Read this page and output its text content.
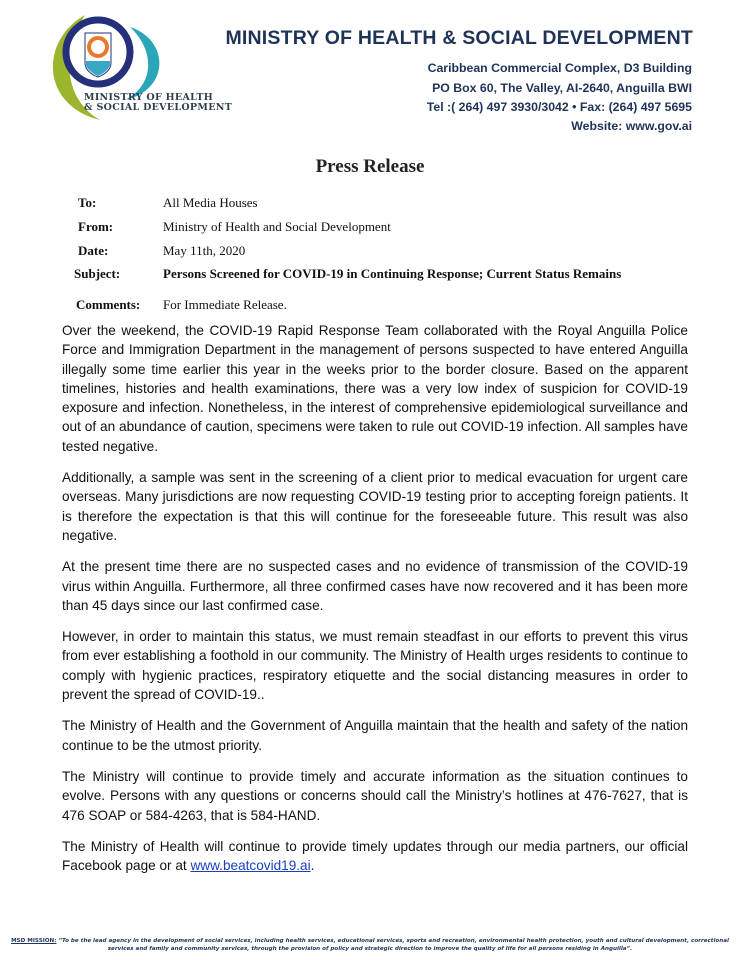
MINISTRY OF HEALTH
& SOCIAL DEVELOPMENT
MINISTRY OF HEALTH & SOCIAL DEVELOPMENT
Caribbean Commercial Complex, D3 Building
PO Box 60, The Valley, AI-2640, Anguilla BWI
Tel :( 264) 497 3930/3042 • Fax: (264) 497 5695
Website: www.gov.ai
Press Release
To:	All Media Houses
From:	Ministry of Health and Social Development
Date:	May 11th, 2020
Subject:	Persons Screened for COVID-19 in Continuing Response; Current Status Remains
Comments: For Immediate Release.

Over the weekend, the COVID-19 Rapid Response Team collaborated with the Royal Anguilla Police Force and Immigration Department in the management of persons suspected to have entered Anguilla illegally some time earlier this year in the weeks prior to the border closure. Based on the apparent timelines, histories and health examinations, there was a very low index of suspicion for COVID-19 exposure and infection. Nonetheless, in the interest of comprehensive epidemiological surveillance and out of an abundance of caution, specimens were taken to rule out COVID-19 infection. All samples have tested negative.

Additionally, a sample was sent in the screening of a client prior to medical evacuation for urgent care overseas. Many jurisdictions are now requesting COVID-19 testing prior to accepting foreign patients. It is therefore the expectation is that this will continue for the foreseeable future. This result was also negative.

At the present time there are no suspected cases and no evidence of transmission of the COVID-19 virus within Anguilla. Furthermore, all three confirmed cases have now recovered and it has been more than 45 days since our last confirmed case.

However, in order to maintain this status, we must remain steadfast in our efforts to prevent this virus from ever establishing a foothold in our community. The Ministry of Health urges residents to continue to comply with hygienic practices, respiratory etiquette and the social distancing measures in order to prevent the spread of COVID-19..

The Ministry of Health and the Government of Anguilla maintain that the health and safety of the nation continue to be the utmost priority.

The Ministry will continue to provide timely and accurate information as the situation continues to evolve. Persons with any questions or concerns should call the Ministry’s hotlines at 476-7627, that is 476 SOAP or 584-4263, that is 584-HAND.

The Ministry of Health will continue to provide timely updates through our media partners, our official Facebook page or at www.beatcovid19.ai.

MSD MISSION: “To be the lead agency in the development of social services, including health services, educational services, sports and recreation, environmental health protection, youth and cultural development, correctional services and family and community services, through the provision of policy and strategic direction to improve the quality of life for all persons residing in Anguilla”.
